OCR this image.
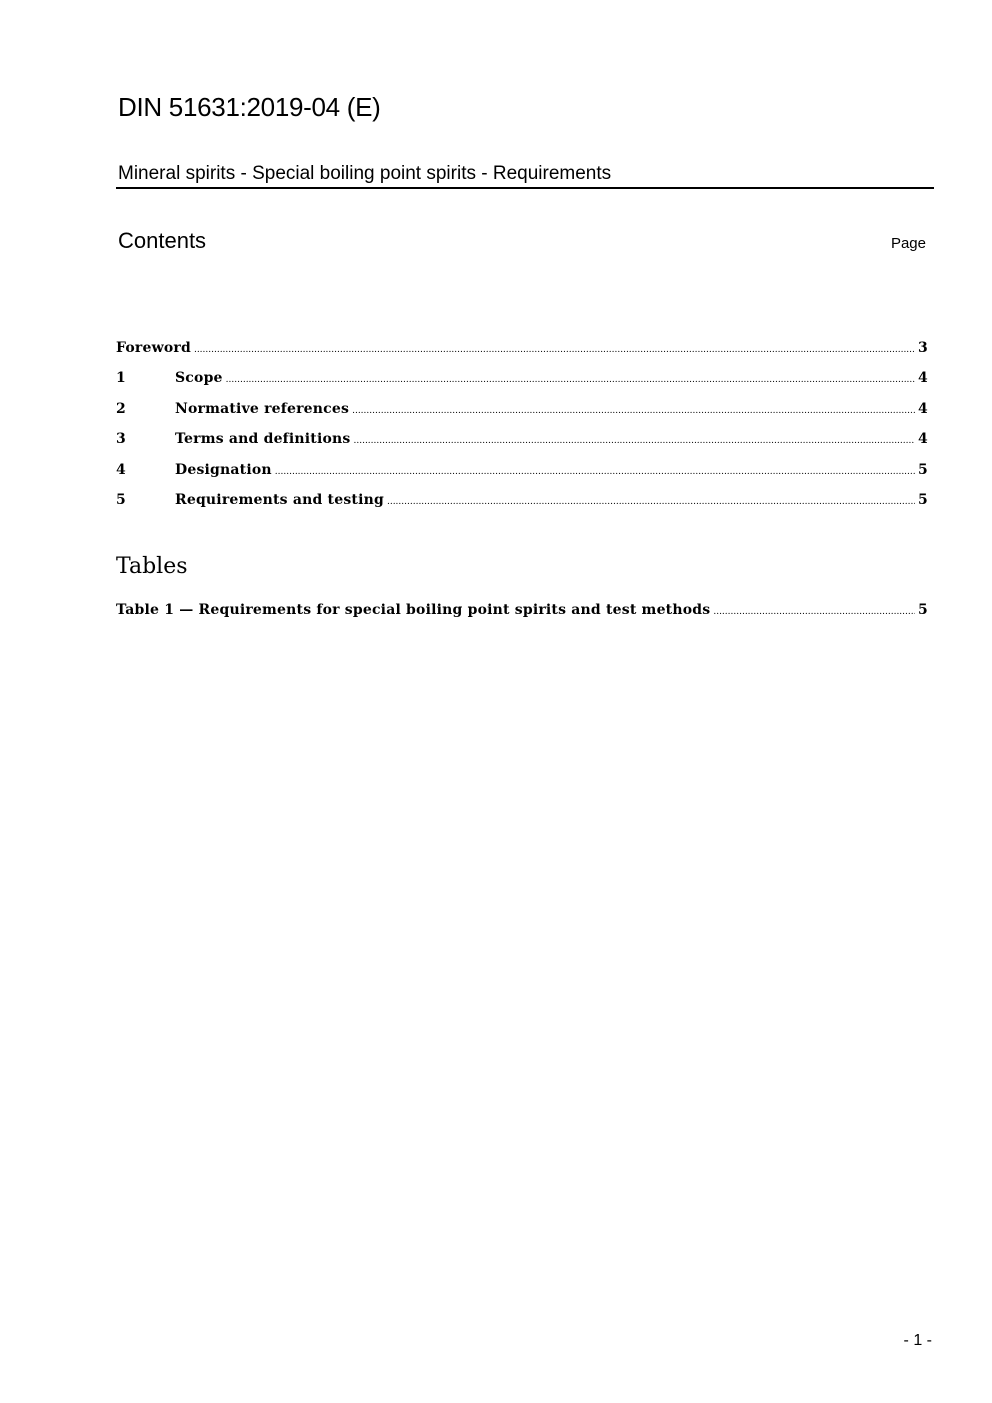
DIN 51631:2019-04 (E)
Mineral spirits - Special boiling point spirits - Requirements
Contents	Page
Foreword .....	3
1	Scope .....	4
2	Normative references .....	4
3	Terms and definitions .....	4
4	Designation .....	5
5	Requirements and testing .....	5
Tables
Table 1 — Requirements for special boiling point spirits and test methods .....	5
- 1 -
